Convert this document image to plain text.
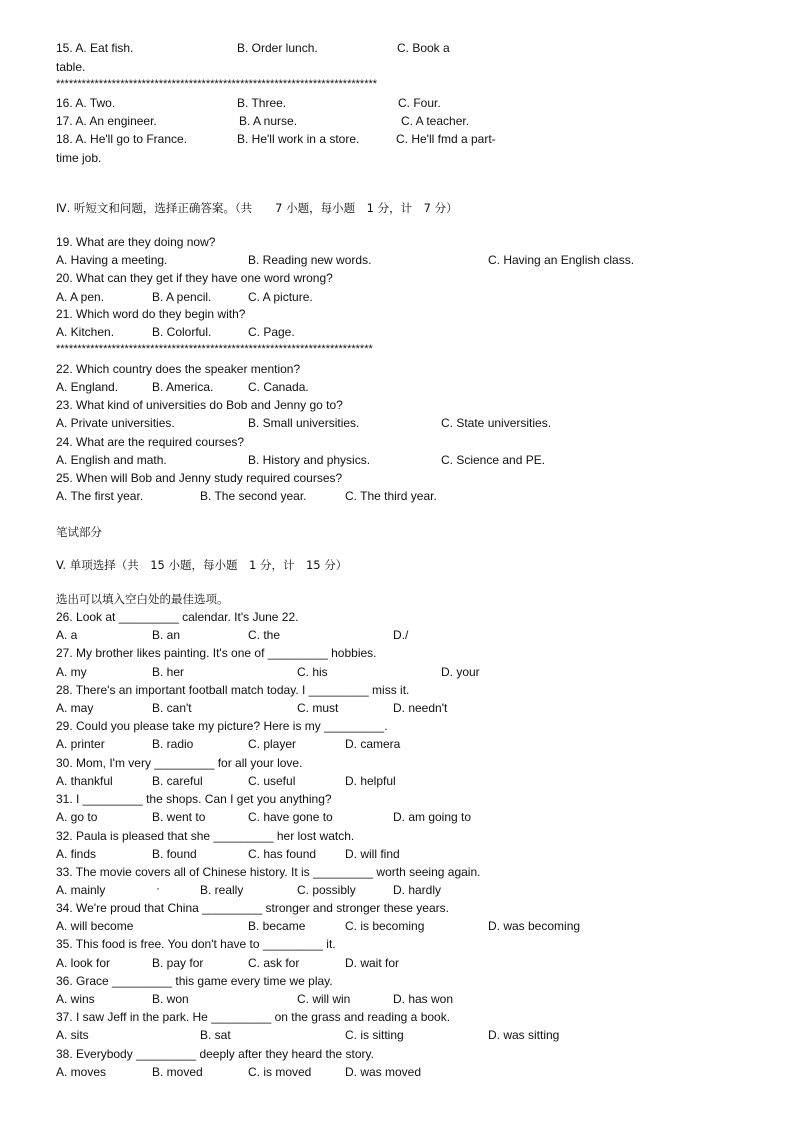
15. A. Eat fish.	B. Order lunch.	C. Book a
table.
***************************************************************************
16. A. Two.	B. Three.	C. Four.
17. A. An engineer.	B. A nurse.	C. A teacher.
18. A. He'll go to France.	B. He'll work in a store.	C. He'll fmd a part-
time job.
Ⅳ. 听短文和问题，选择正确答案。（共　　7 小题，每小题　1 分，计　7 分）
19. What are they doing now?
A. Having a meeting.	B. Reading new words.	C. Having an English class.
20. What can they get if they have one word wrong?
A. A pen.	B. A pencil.	C. A picture.
21. Which word do they begin with?
A. Kitchen.	B. Colorful.	C. Page.
**************************************************************************
22. Which country does the speaker mention?
A. England.	B. America.	C. Canada.
23. What kind of universities do Bob and Jenny go to?
A. Private universities.	B. Small universities.	C. State universities.
24. What are the required courses?
A. English and math.	B. History and physics.	C. Science and PE.
25. When will Bob and Jenny study required courses?
A. The first year.	B. The second year.	C. The third year.
笔试部分
V. 单项选择（共　15 小题，每小题　1 分，计　15 分）
选出可以填入空白处的最佳选项。
26. Look at _________ calendar. It's June 22.
A. a	B. an	C. the	D./
27. My brother likes painting. It's one of _________ hobbies.
A. my	B. her	C. his	D. your
28. There's an important football match today. I _________ miss it.
A. may	B. can't	C. must	D. needn't
29. Could you please take my picture? Here is my _________.
A. printer	B. radio	C. player	D. camera
30. Mom, I'm very _________ for all your love.
A. thankful	B. careful	C. useful	D. helpful
31. I _________ the shops. Can I get you anything?
A. go to	B. went to	C. have gone to	D. am going to
32. Paula is pleased that she _________ her lost watch.
A. finds	B. found	C. has found D. will find
33. The movie covers all of Chinese history. It is _________ worth seeing again.
A. mainly	·	B. really	C. possibly	D. hardly
34. We're proud that China _________ stronger and stronger these years.
A. will become	B. became	C. is becoming	D. was becoming
35. This food is free. You don't have to _________ it.
A. look for	B. pay for	C. ask for	D. wait for
36. Grace _________ this game every time we play.
A. wins	B. won	C. will win	D. has won
37. I saw Jeff in the park. He _________ on the grass and reading a book.
A. sits	B. sat	C. is sitting	D. was sitting
38. Everybody _________ deeply after they heard the story.
A. moves	B. moved	C. is moved	D. was moved
